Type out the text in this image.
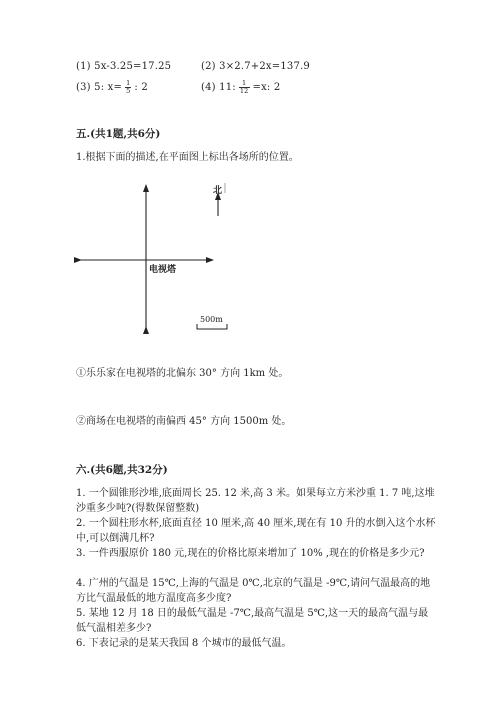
(1) 5x-3.25=17.25	(2) 3×2.7+2x=137.9
(3) 5: $x= \frac{1}{5}$ : 2	(4) 11: $\frac{1}{12} =x$: 2
五.(共1题,共6分)
1.根据下面的描述,在平面图上标出各场所的位置。
电视塔
北
500m
①乐乐家在电视塔的北偏东 30° 方向 1km 处。
②商场在电视塔的南偏西 45° 方向 1500m 处。
六.(共6题,共32分)
1. 一个圆锥形沙堆,底面周长 25. 12 米,高 3 米。如果每立方米沙重 1. 7 吨,这堆沙重多少吨?(得数保留整数)
2. 一个圆柱形水杯,底面直径 10 厘米,高 40 厘米,现在有 10 升的水倒入这个水杯中,可以倒满几杯?
3. 一件西服原价 180 元,现在的价格比原来增加了 10% ,现在的价格是多少元?
4. 广州的气温是 15℃,上海的气温是 0℃,北京的气温是 -9℃,请问气温最高的地方比气温最低的地方温度高多少度?
5. 某地 12 月 18 日的最低气温是 -7℃,最高气温是 5℃,这一天的最高气温与最低气温相差多少?
6. 下表记录的是某天我国 8 个城市的最低气温。
